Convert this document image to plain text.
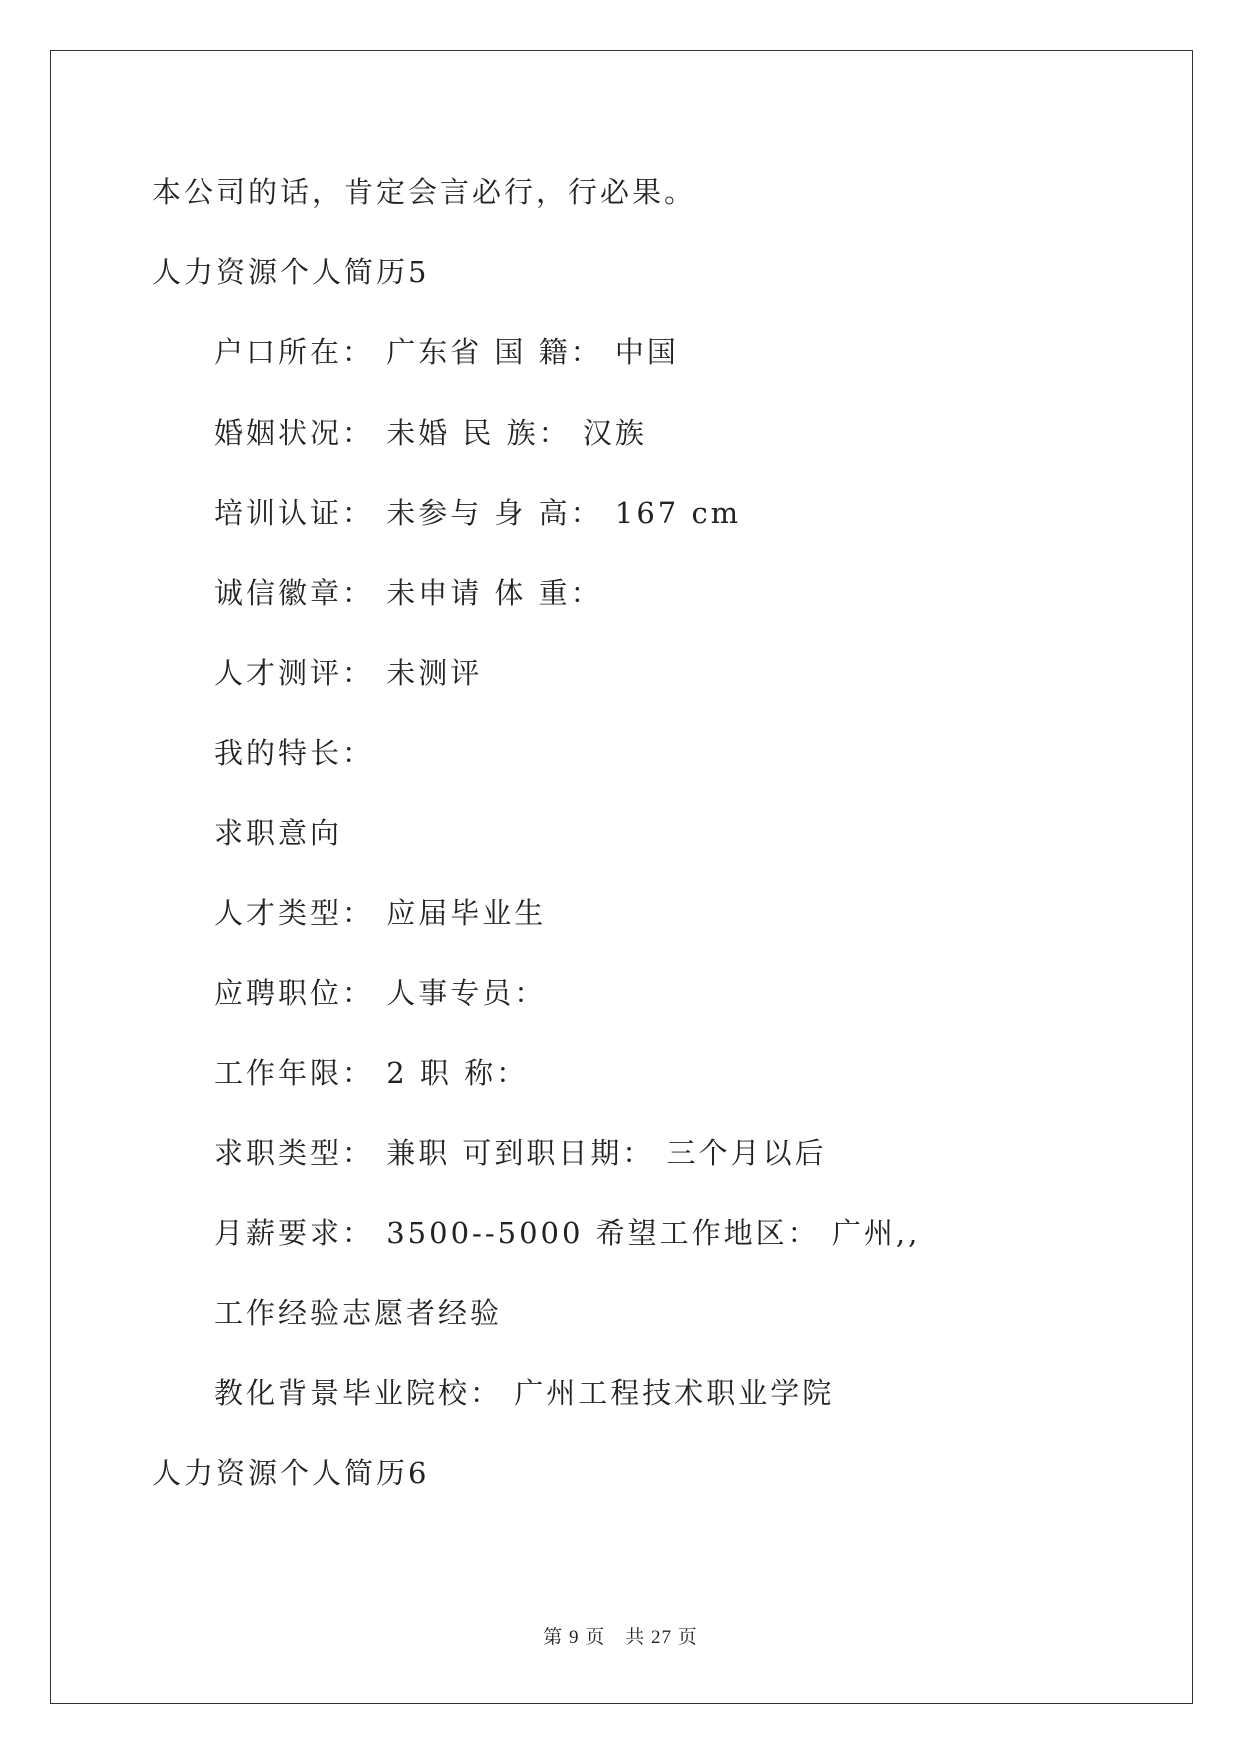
本公司的话，肯定会言必行，行必果。
人力资源个人简历5
户口所在： 广东省 国 籍： 中国
婚姻状况： 未婚 民 族： 汉族
培训认证： 未参与 身 高： 167 cm
诚信徽章： 未申请 体 重：
人才测评： 未测评
我的特长：
求职意向
人才类型： 应届毕业生
应聘职位： 人事专员：
工作年限： 2 职 称：
求职类型： 兼职 可到职日期： 三个月以后
月薪要求： 3500--5000 希望工作地区： 广州,,
工作经验志愿者经验
教化背景毕业院校： 广州工程技术职业学院
人力资源个人简历6
第 9 页　共 27 页
